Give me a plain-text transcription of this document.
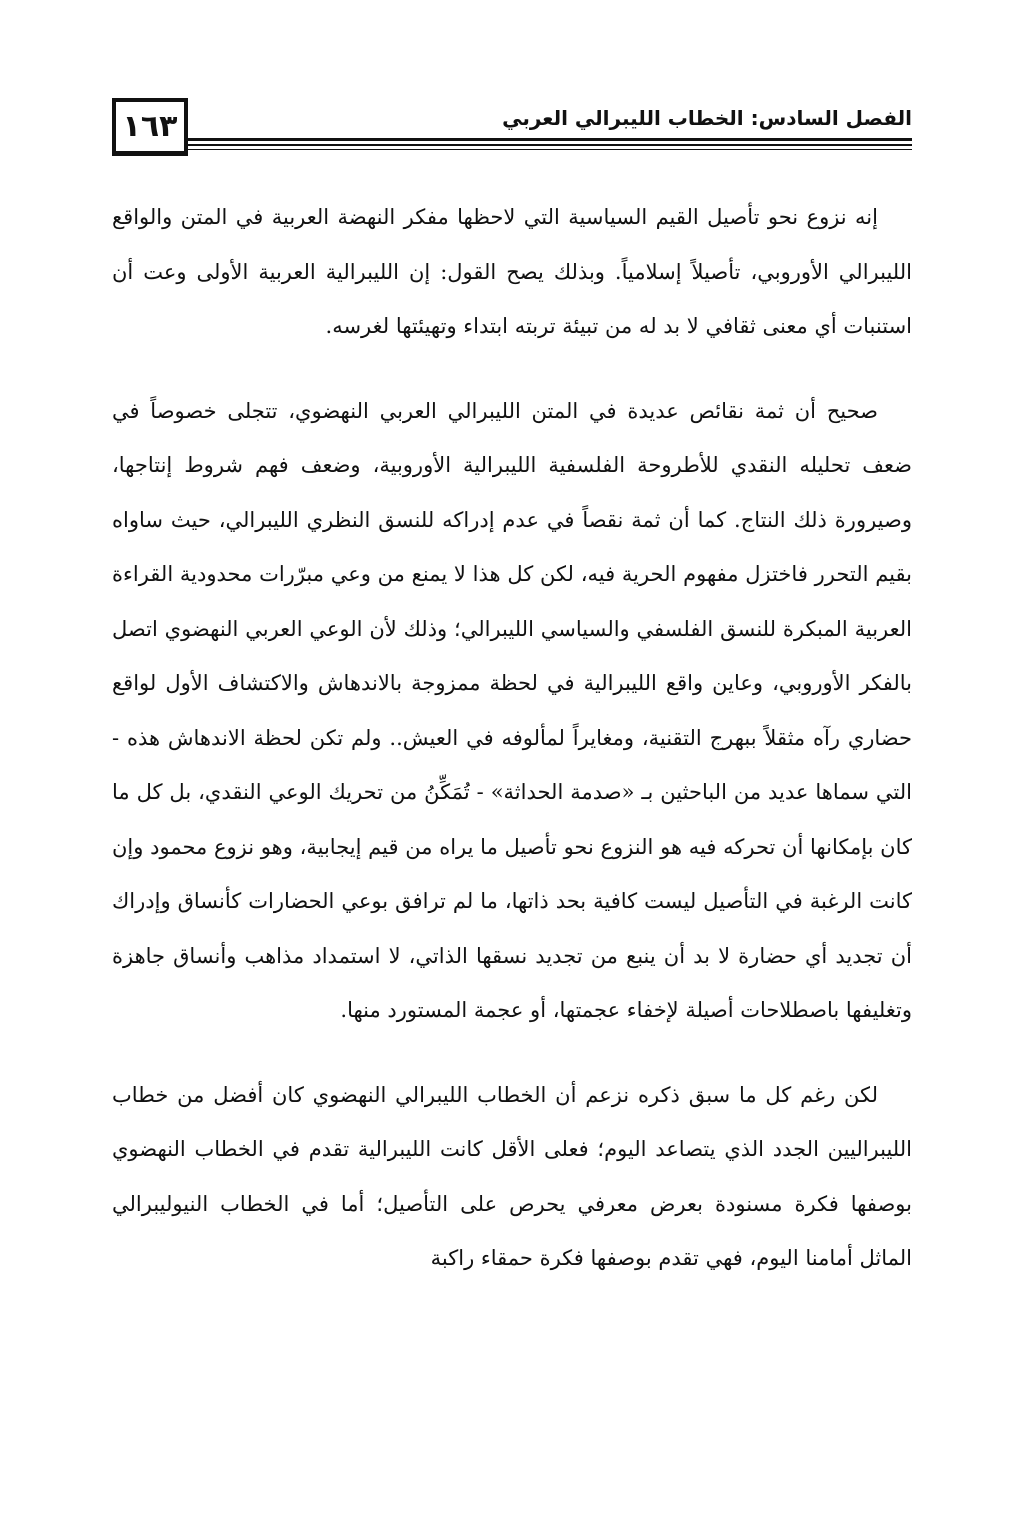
١٦٣	الفصل السادس: الخطاب الليبرالي العربي

إنه نزوع نحو تأصيل القيم السياسية التي لاحظها مفكر النهضة العربية في المتن والواقع الليبرالي الأوروبي، تأصيلاً إسلامياً. وبذلك يصح القول: إن الليبرالية العربية الأولى وعت أن استنبات أي معنى ثقافي لا بد له من تبيئة تربته ابتداء وتهيئتها لغرسه.

صحيح أن ثمة نقائص عديدة في المتن الليبرالي العربي النهضوي، تتجلى خصوصاً في ضعف تحليله النقدي للأطروحة الفلسفية الليبرالية الأوروبية، وضعف فهم شروط إنتاجها، وصيرورة ذلك النتاج. كما أن ثمة نقصاً في عدم إدراكه للنسق النظري الليبرالي، حيث ساواه بقيم التحرر فاختزل مفهوم الحرية فيه، لكن كل هذا لا يمنع من وعي مبرّرات محدودية القراءة العربية المبكرة للنسق الفلسفي والسياسي الليبرالي؛ وذلك لأن الوعي العربي النهضوي اتصل بالفكر الأوروبي، وعاين واقع الليبرالية في لحظة ممزوجة بالاندهاش والاكتشاف الأول لواقع حضاري رآه مثقلاً ببهرج التقنية، ومغايراً لمألوفه في العيش.. ولم تكن لحظة الاندهاش هذه - التي سماها عديد من الباحثين بـ «صدمة الحداثة» - تُمَكِّنُ من تحريك الوعي النقدي، بل كل ما كان بإمكانها أن تحركه فيه هو النزوع نحو تأصيل ما يراه من قيم إيجابية، وهو نزوع محمود وإن كانت الرغبة في التأصيل ليست كافية بحد ذاتها، ما لم ترافق بوعي الحضارات كأنساق وإدراك أن تجديد أي حضارة لا بد أن ينبع من تجديد نسقها الذاتي، لا استمداد مذاهب وأنساق جاهزة وتغليفها باصطلاحات أصيلة لإخفاء عجمتها، أو عجمة المستورد منها.

لكن رغم كل ما سبق ذكره نزعم أن الخطاب الليبرالي النهضوي كان أفضل من خطاب الليبراليين الجدد الذي يتصاعد اليوم؛ فعلى الأقل كانت الليبرالية تقدم في الخطاب النهضوي بوصفها فكرة مسنودة بعرض معرفي يحرص على التأصيل؛ أما في الخطاب النيوليبرالي الماثل أمامنا اليوم، فهي تقدم بوصفها فكرة حمقاء راكبة
